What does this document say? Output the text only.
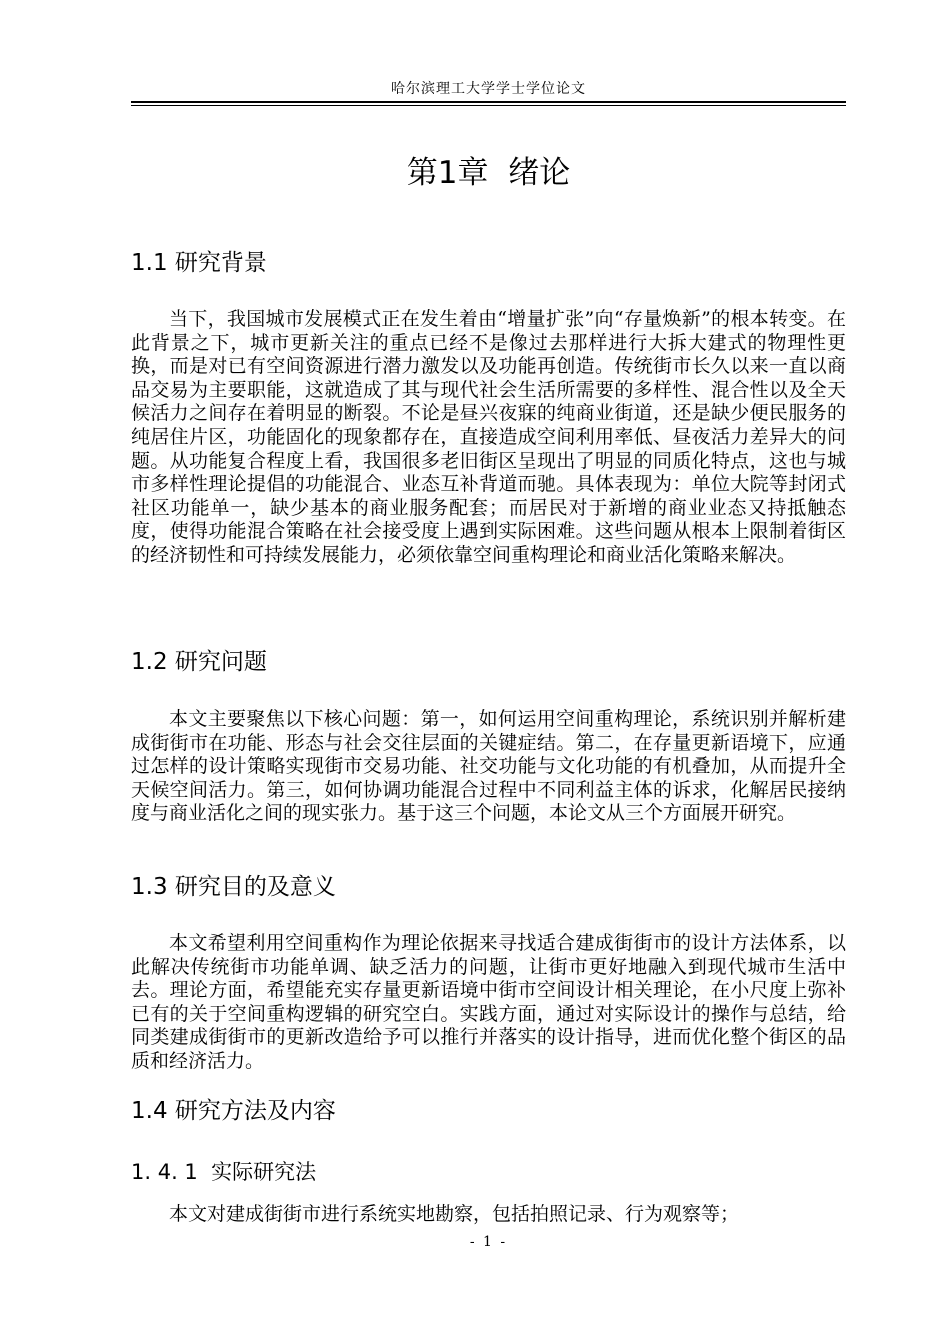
哈尔滨理工大学学士学位论文
第1章  绪论
1.1 研究背景

当下，我国城市发展模式正在发生着由“增量扩张”向“存量焕新”的根本转变。在此背景之下，城市更新关注的重点已经不是像过去那样进行大拆大建式的物理性更换，而是对已有空间资源进行潜力激发以及功能再创造。传统街市长久以来一直以商品交易为主要职能，这就造成了其与现代社会生活所需要的多样性、混合性以及全天候活力之间存在着明显的断裂。不论是昼兴夜寐的纯商业街道，还是缺少便民服务的纯居住片区，功能固化的现象都存在，直接造成空间利用率低、昼夜活力差异大的问题。从功能复合程度上看，我国很多老旧街区呈现出了明显的同质化特点，这也与城市多样性理论提倡的功能混合、业态互补背道而驰。具体表现为：单位大院等封闭式社区功能单一，缺少基本的商业服务配套；而居民对于新增的商业业态又持抵触态度，使得功能混合策略在社会接受度上遇到实际困难。这些问题从根本上限制着街区的经济韧性和可持续发展能力，必须依靠空间重构理论和商业活化策略来解决。

1.2 研究问题

本文主要聚焦以下核心问题：第一，如何运用空间重构理论，系统识别并解析建成街街市在功能、形态与社会交往层面的关键症结。第二，在存量更新语境下，应通过怎样的设计策略实现街市交易功能、社交功能与文化功能的有机叠加，从而提升全天候空间活力。第三，如何协调功能混合过程中不同利益主体的诉求，化解居民接纳度与商业活化之间的现实张力。基于这三个问题，本论文从三个方面展开研究。

1.3 研究目的及意义

本文希望利用空间重构作为理论依据来寻找适合建成街街市的设计方法体系，以此解决传统街市功能单调、缺乏活力的问题，让街市更好地融入到现代城市生活中去。理论方面，希望能充实存量更新语境中街市空间设计相关理论，在小尺度上弥补已有的关于空间重构逻辑的研究空白。实践方面，通过对实际设计的操作与总结，给同类建成街街市的更新改造给予可以推行并落实的设计指导，进而优化整个街区的品质和经济活力。

1.4 研究方法及内容
1. 4. 1  实际研究法

本文对建成街街市进行系统实地勘察，包括拍照记录、行为观察等；

- 1 -
